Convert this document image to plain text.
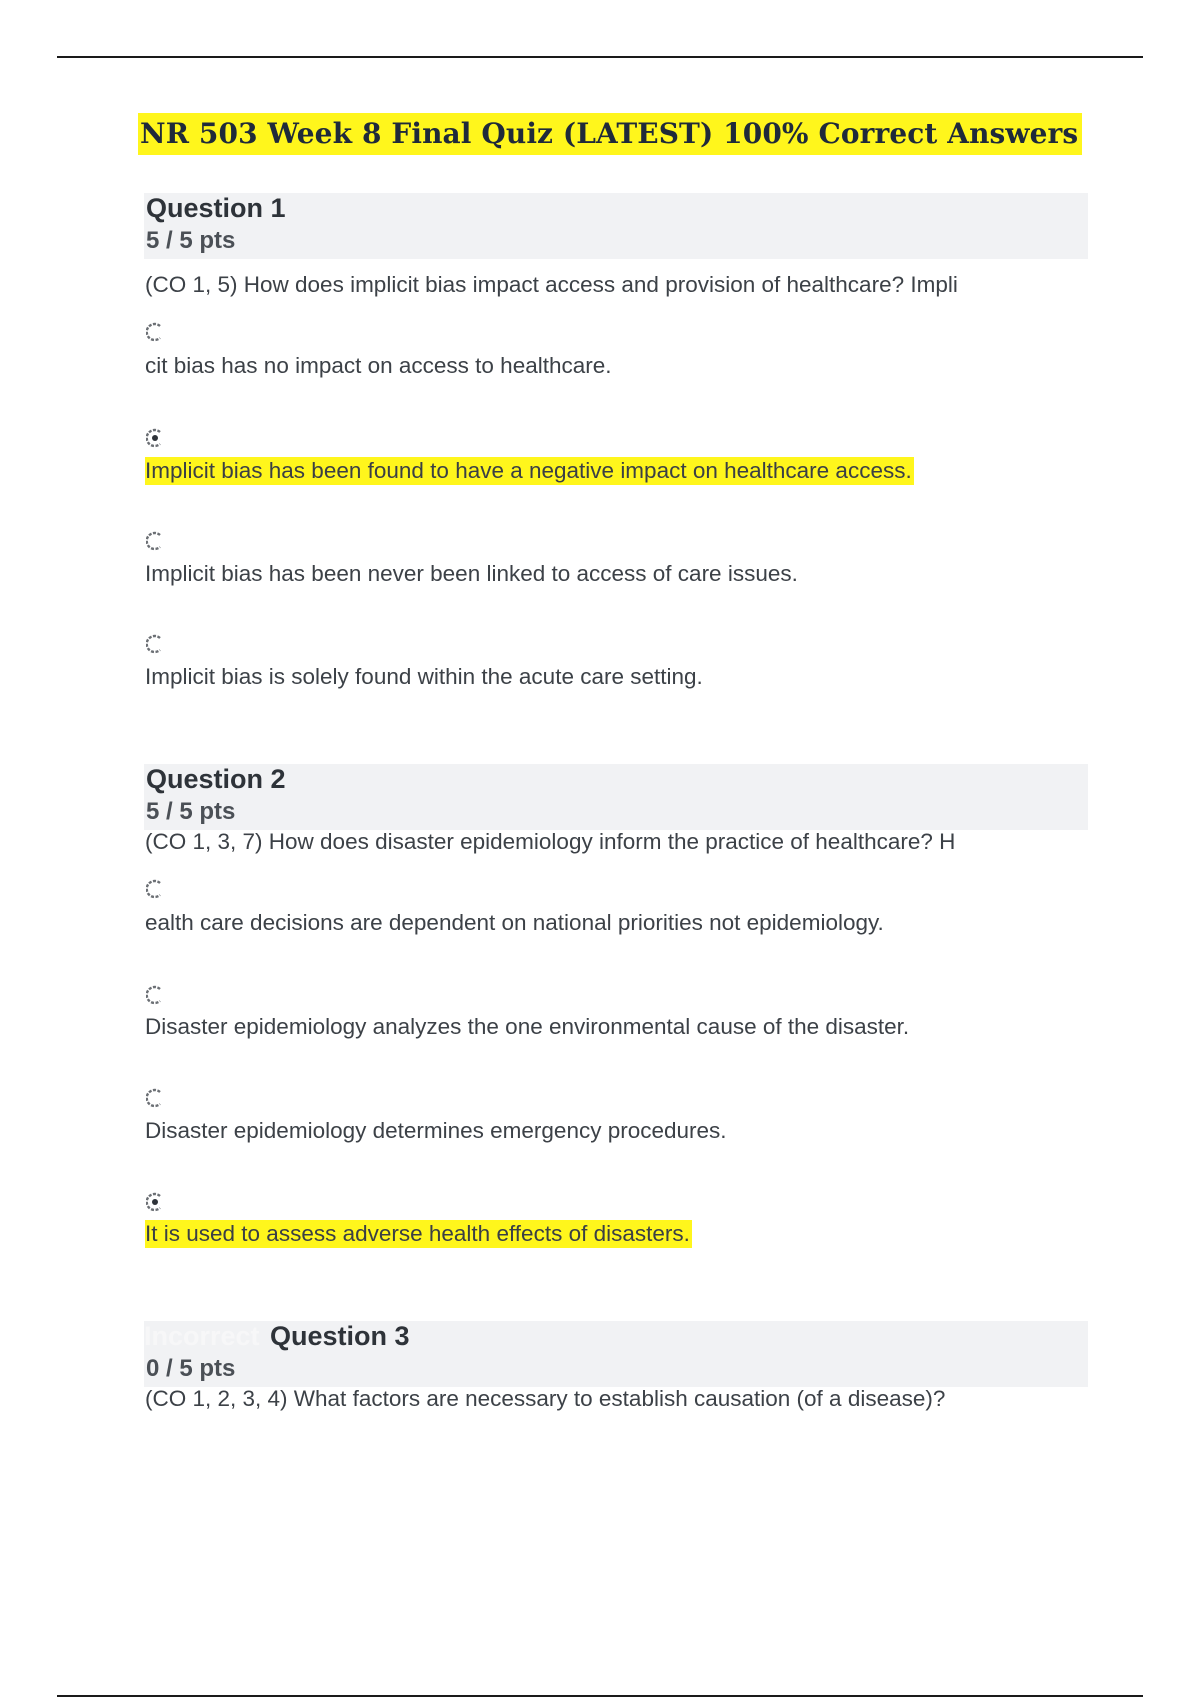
NR 503 Week 8 Final Quiz (LATEST) 100% Correct Answers
Question 1
5 / 5 pts
(CO 1, 5) How does implicit bias impact access and provision of healthcare? Impli
cit bias has no impact on access to healthcare.
Implicit bias has been found to have a negative impact on healthcare access.
Implicit bias has been never been linked to access of care issues.
Implicit bias is solely found within the acute care setting.
Question 2
5 / 5 pts
(CO 1, 3, 7) How does disaster epidemiology inform the practice of healthcare? H
ealth care decisions are dependent on national priorities not epidemiology.
Disaster epidemiology analyzes the one environmental cause of the disaster.
Disaster epidemiology determines emergency procedures.
It is used to assess adverse health effects of disasters.
Incorrect Question 3
0 / 5 pts
(CO 1, 2, 3, 4) What factors are necessary to establish causation (of a disease)?
